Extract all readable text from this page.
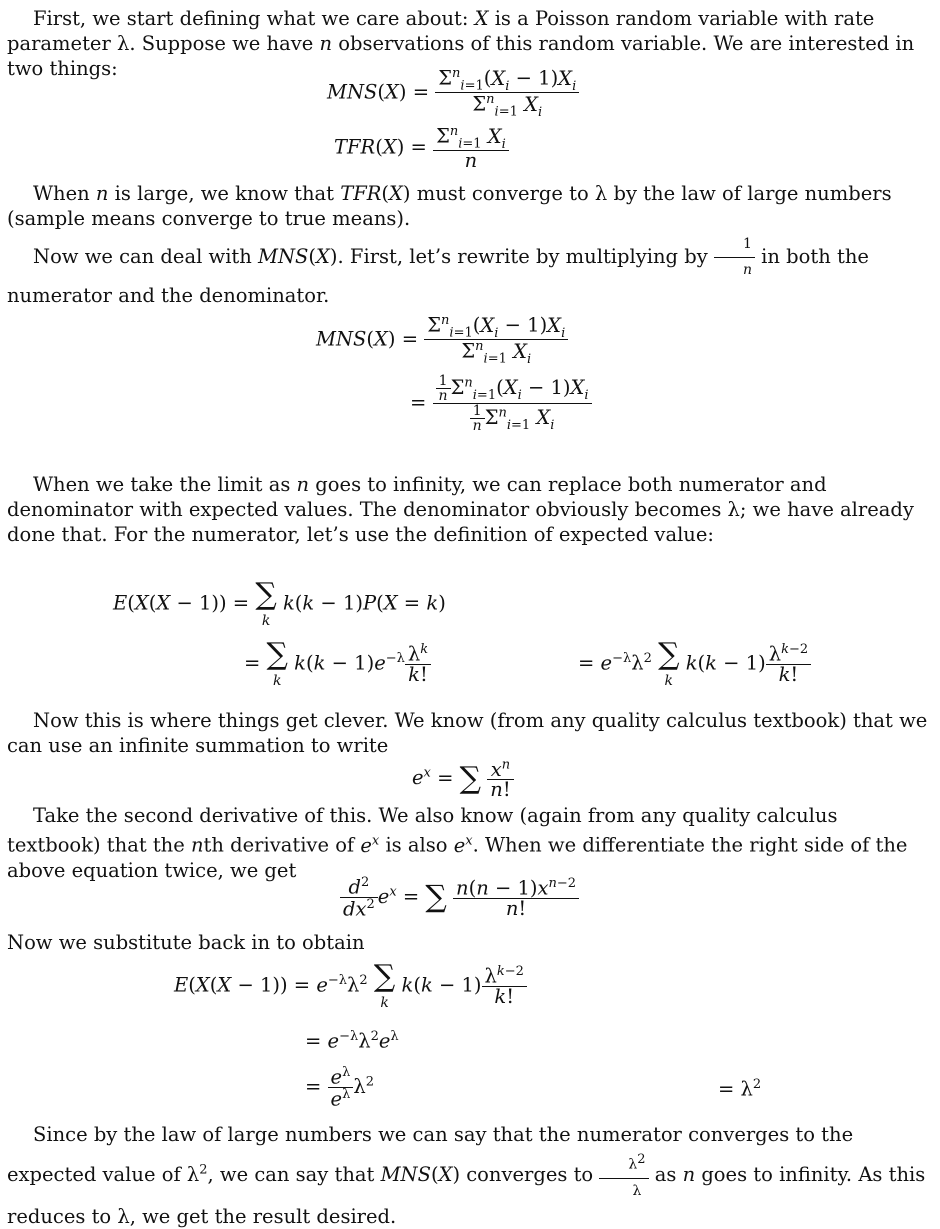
First, we start defining what we care about: X is a Poisson random variable with rate parameter λ. Suppose we have n observations of this random variable. We are interested in two things:

$MNS(X) = \frac{\Sigma^n_{i=1}(X_i - 1)X_i}{\Sigma^n_{i=1} X_i}$
$TFR(X) = \frac{\Sigma^n_{i=1} X_i}{n}$

When n is large, we know that TFR(X) must converge to λ by the law of large numbers (sample means converge to true means).

Now we can deal with MNS(X). First, let’s rewrite by multiplying by $\frac{1}{n}$ in both the numerator and the denominator.

$MNS(X) = \frac{\Sigma^n_{i=1}(X_i - 1)X_i}{\Sigma^n_{i=1} X_i}$
= $\frac{\frac{1}{n} \Sigma^n_{i=1}(X_i - 1)X_i}{\frac{1}{n} \Sigma^n_{i=1} X_i}$

When we take the limit as n goes to infinity, we can replace both numerator and denominator with expected values. The denominator obviously becomes λ; we have already done that. For the numerator, let’s use the definition of expected value:

E(X(X − 1)) = ∑
k
k(k − 1)P(X = k)
= ∑
k
$k(k - 1)e^{-\lambda} \frac{\lambda^k}{k!}$	= $e^{-\lambda}\lambda^2$ ∑
k
$k(k - 1) \frac{\lambda^{k-2}}{k!}$

Now this is where things get clever. We know (from any quality calculus textbook) that we can use an infinite summation to write

$e^x$ = ∑ $\frac{x^n}{n!}$

Take the second derivative of this. We also know (again from any quality calculus textbook) that the nth derivative of $e^x$ is also $e^x$. When we differentiate the right side of the above equation twice, we get

$\frac{d^2}{dx^2} e^x$ = ∑ $\frac{n(n - 1)x^{n-2}}{n!}$

Now we substitute back in to obtain

$E(X(X - 1)) = e^{-\lambda}\lambda^2$ ∑
k
$k(k - 1) \frac{\lambda^{k-2}}{k!}$
= $e^{-\lambda}\lambda^2e^\lambda$
= $\frac{e^\lambda}{e^\lambda} \lambda^2$	= $\lambda^2$

Since by the law of large numbers we can say that the numerator converges to the expected value of $\lambda^2$, we can say that MNS(X) converges to $\frac{\lambda^2}{\lambda}$ as n goes to infinity. As this reduces to λ, we get the result desired.
